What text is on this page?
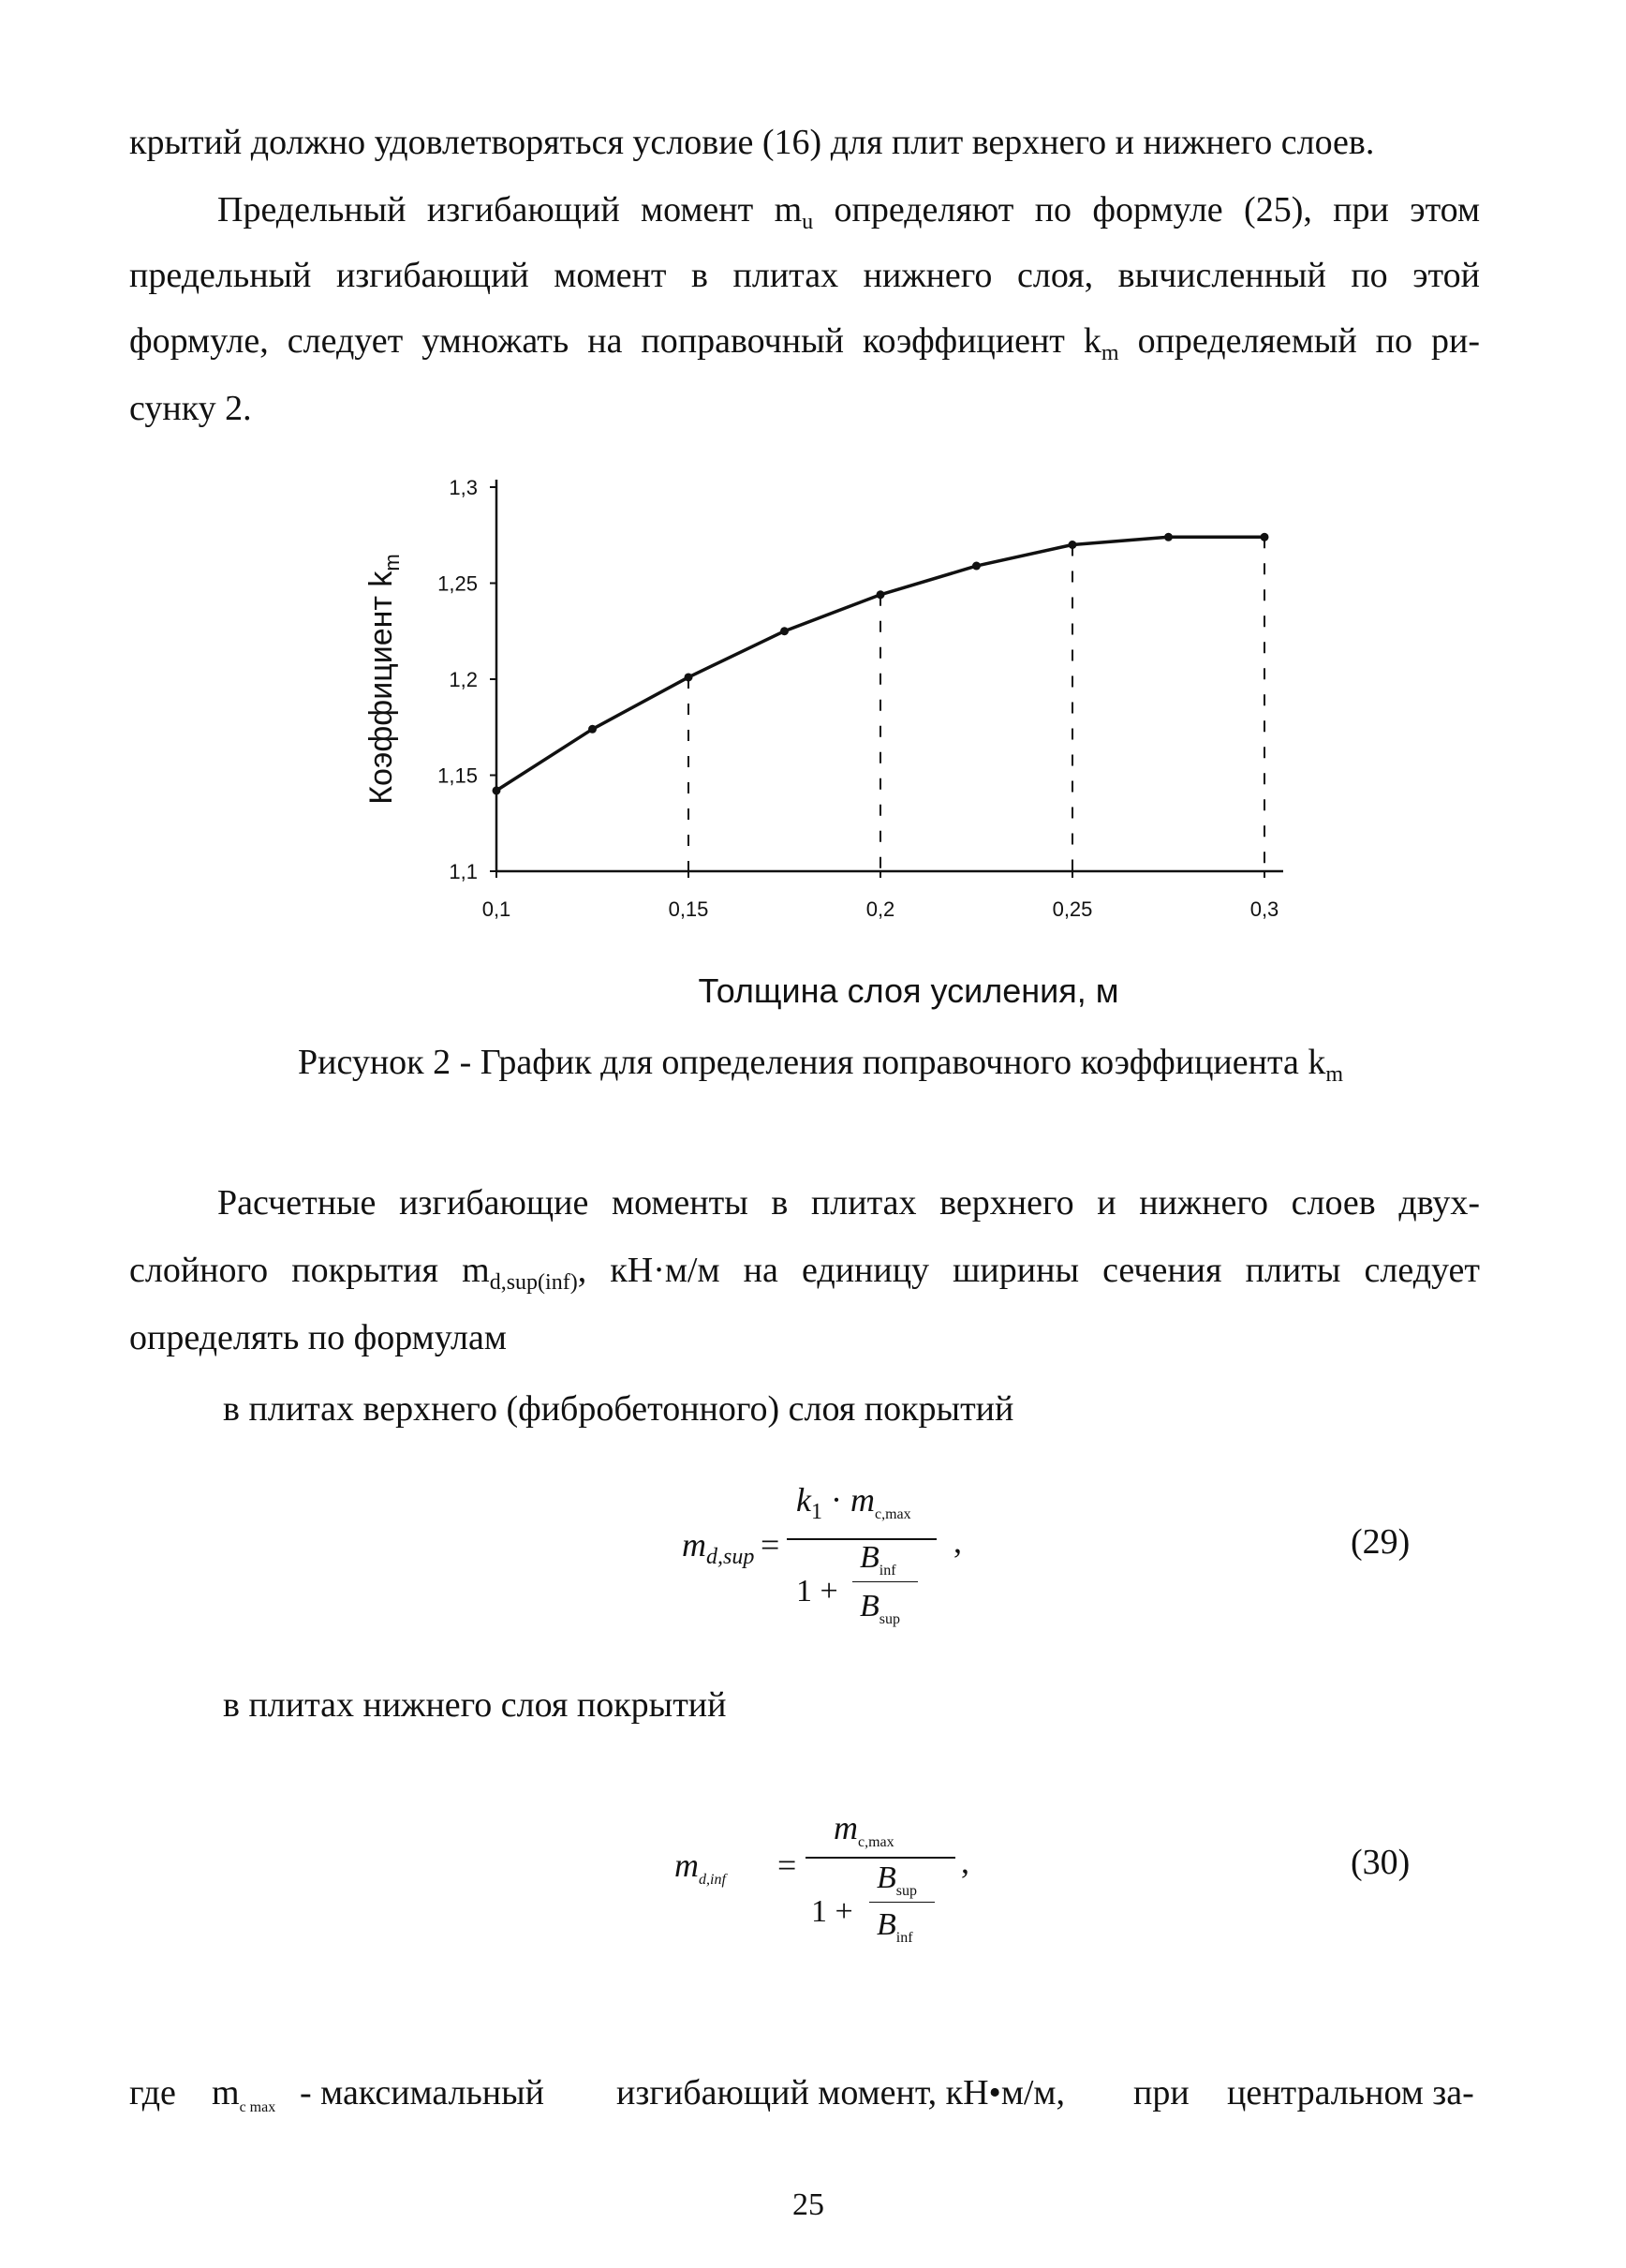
крытий должно удовлетворяться условие (16) для плит верхнего и нижнего слоев.
Предельный изгибающий момент $m_u$ определяют по формуле (25), при этом
предельный изгибающий момент в плитах нижнего слоя, вычисленный по этой
формуле, следует умножать на поправочный коэффициент $k_m$ определяемый по ри-
сунку 2.
1,1
1,15
1,2
1,25
1,3
0,1	0,15	0,2	0,25	0,3
Коэффициент $k_m$
Толщина слоя усиления, м
Рисунок 2 - График для определения поправочного коэффициента $k_m$
Расчетные изгибающие моменты в плитах верхнего и нижнего слоев двух-
слойного покрытия $m_{d,sup(inf)}$, кН·м/м на единицу ширины сечения плиты следует
определять по формулам
в плитах верхнего (фибробетонного) слоя покрытий
$m_{d,sup}$ =
$k_1 \cdot m_{c,max}$
1 +
$B_{inf}$
$B_{sup}$
,	(29)
в плитах нижнего слоя покрытий
$m_{d,inf}$ =
$m_{c,max}$
1 +
$B_{sup}$
$B_{inf}$
,	(30)
где $m_{c max}$ - максимальный изгибающий момент, кН•м/м, при центральном за-
25
